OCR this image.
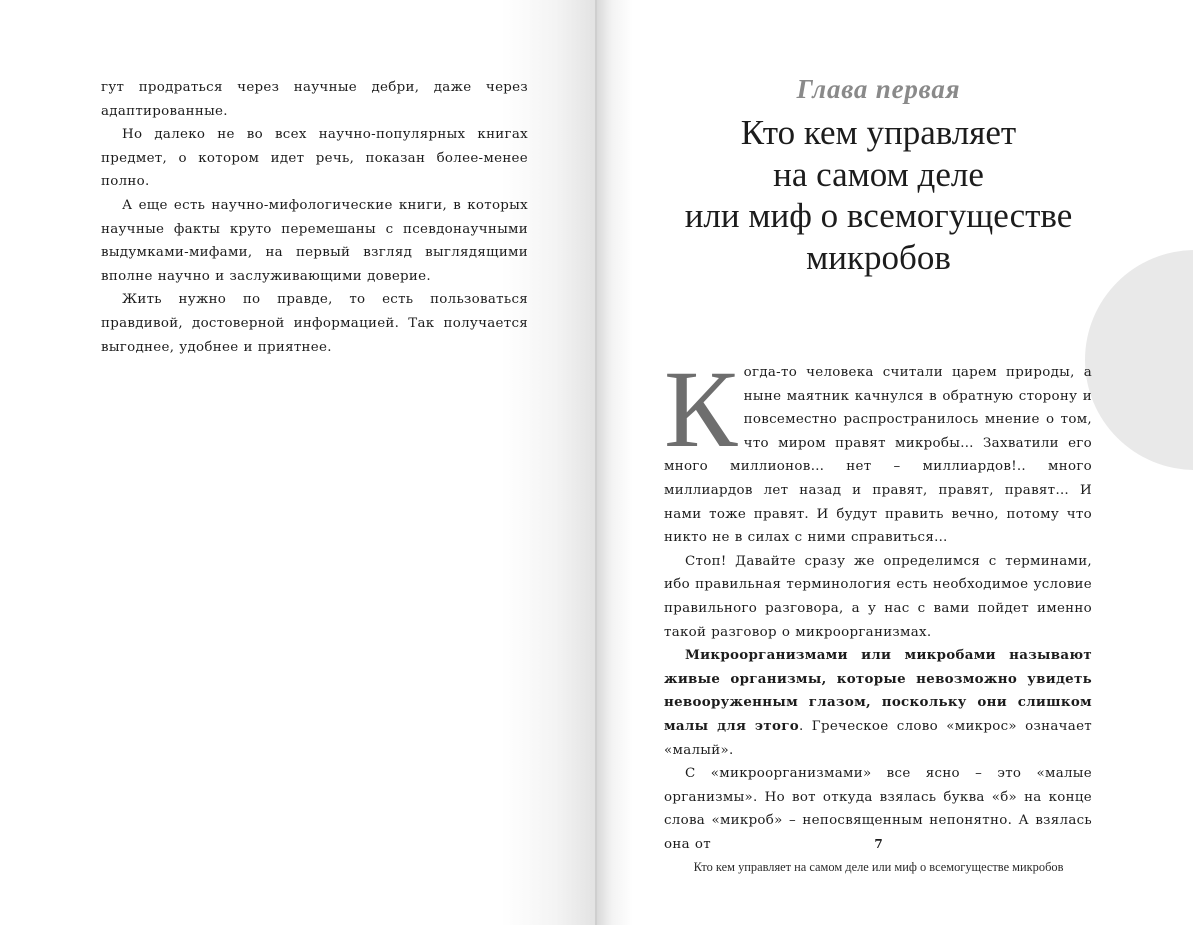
гут продраться через научные дебри, даже через адаптированные.

Но далеко не во всех научно-популярных книгах предмет, о котором идет речь, показан более-менее полно.

А еще есть научно-мифологические книги, в которых научные факты круто перемешаны с псевдонаучными выдумками-мифами, на первый взгляд выглядящими вполне научно и заслуживающими доверие.

Жить нужно по правде, то есть пользоваться правдивой, достоверной информацией. Так получается выгоднее, удобнее и приятнее.

Глава первая

Кто кем управляет
на самом деле
или миф о всемогуществе
микробов

Когда-то человека считали царем природы, а ныне маятник качнулся в обратную сторону и повсеместно распространилось мнение о том, что миром правят микробы… Захватили его много миллионов… нет – миллиардов!.. много миллиардов лет назад и правят, правят, правят… И нами тоже правят. И будут править вечно, потому что никто не в силах с ними справиться…

Стоп! Давайте сразу же определимся с терминами, ибо правильная терминология есть необходимое условие правильного разговора, а у нас с вами пойдет именно такой разговор о микроорганизмах.

Микроорганизмами или микробами называют живые организмы, которые невозможно увидеть невооруженным глазом, поскольку они слишком малы для этого. Греческое слово «микрос» означает «малый».

С «микроорганизмами» все ясно – это «малые организмы». Но вот откуда взялась буква «б» на конце слова «микроб» – непосвященным непонятно. А взялась она от	7

Кто кем управляет на самом деле или миф о всемогуществе микробов
